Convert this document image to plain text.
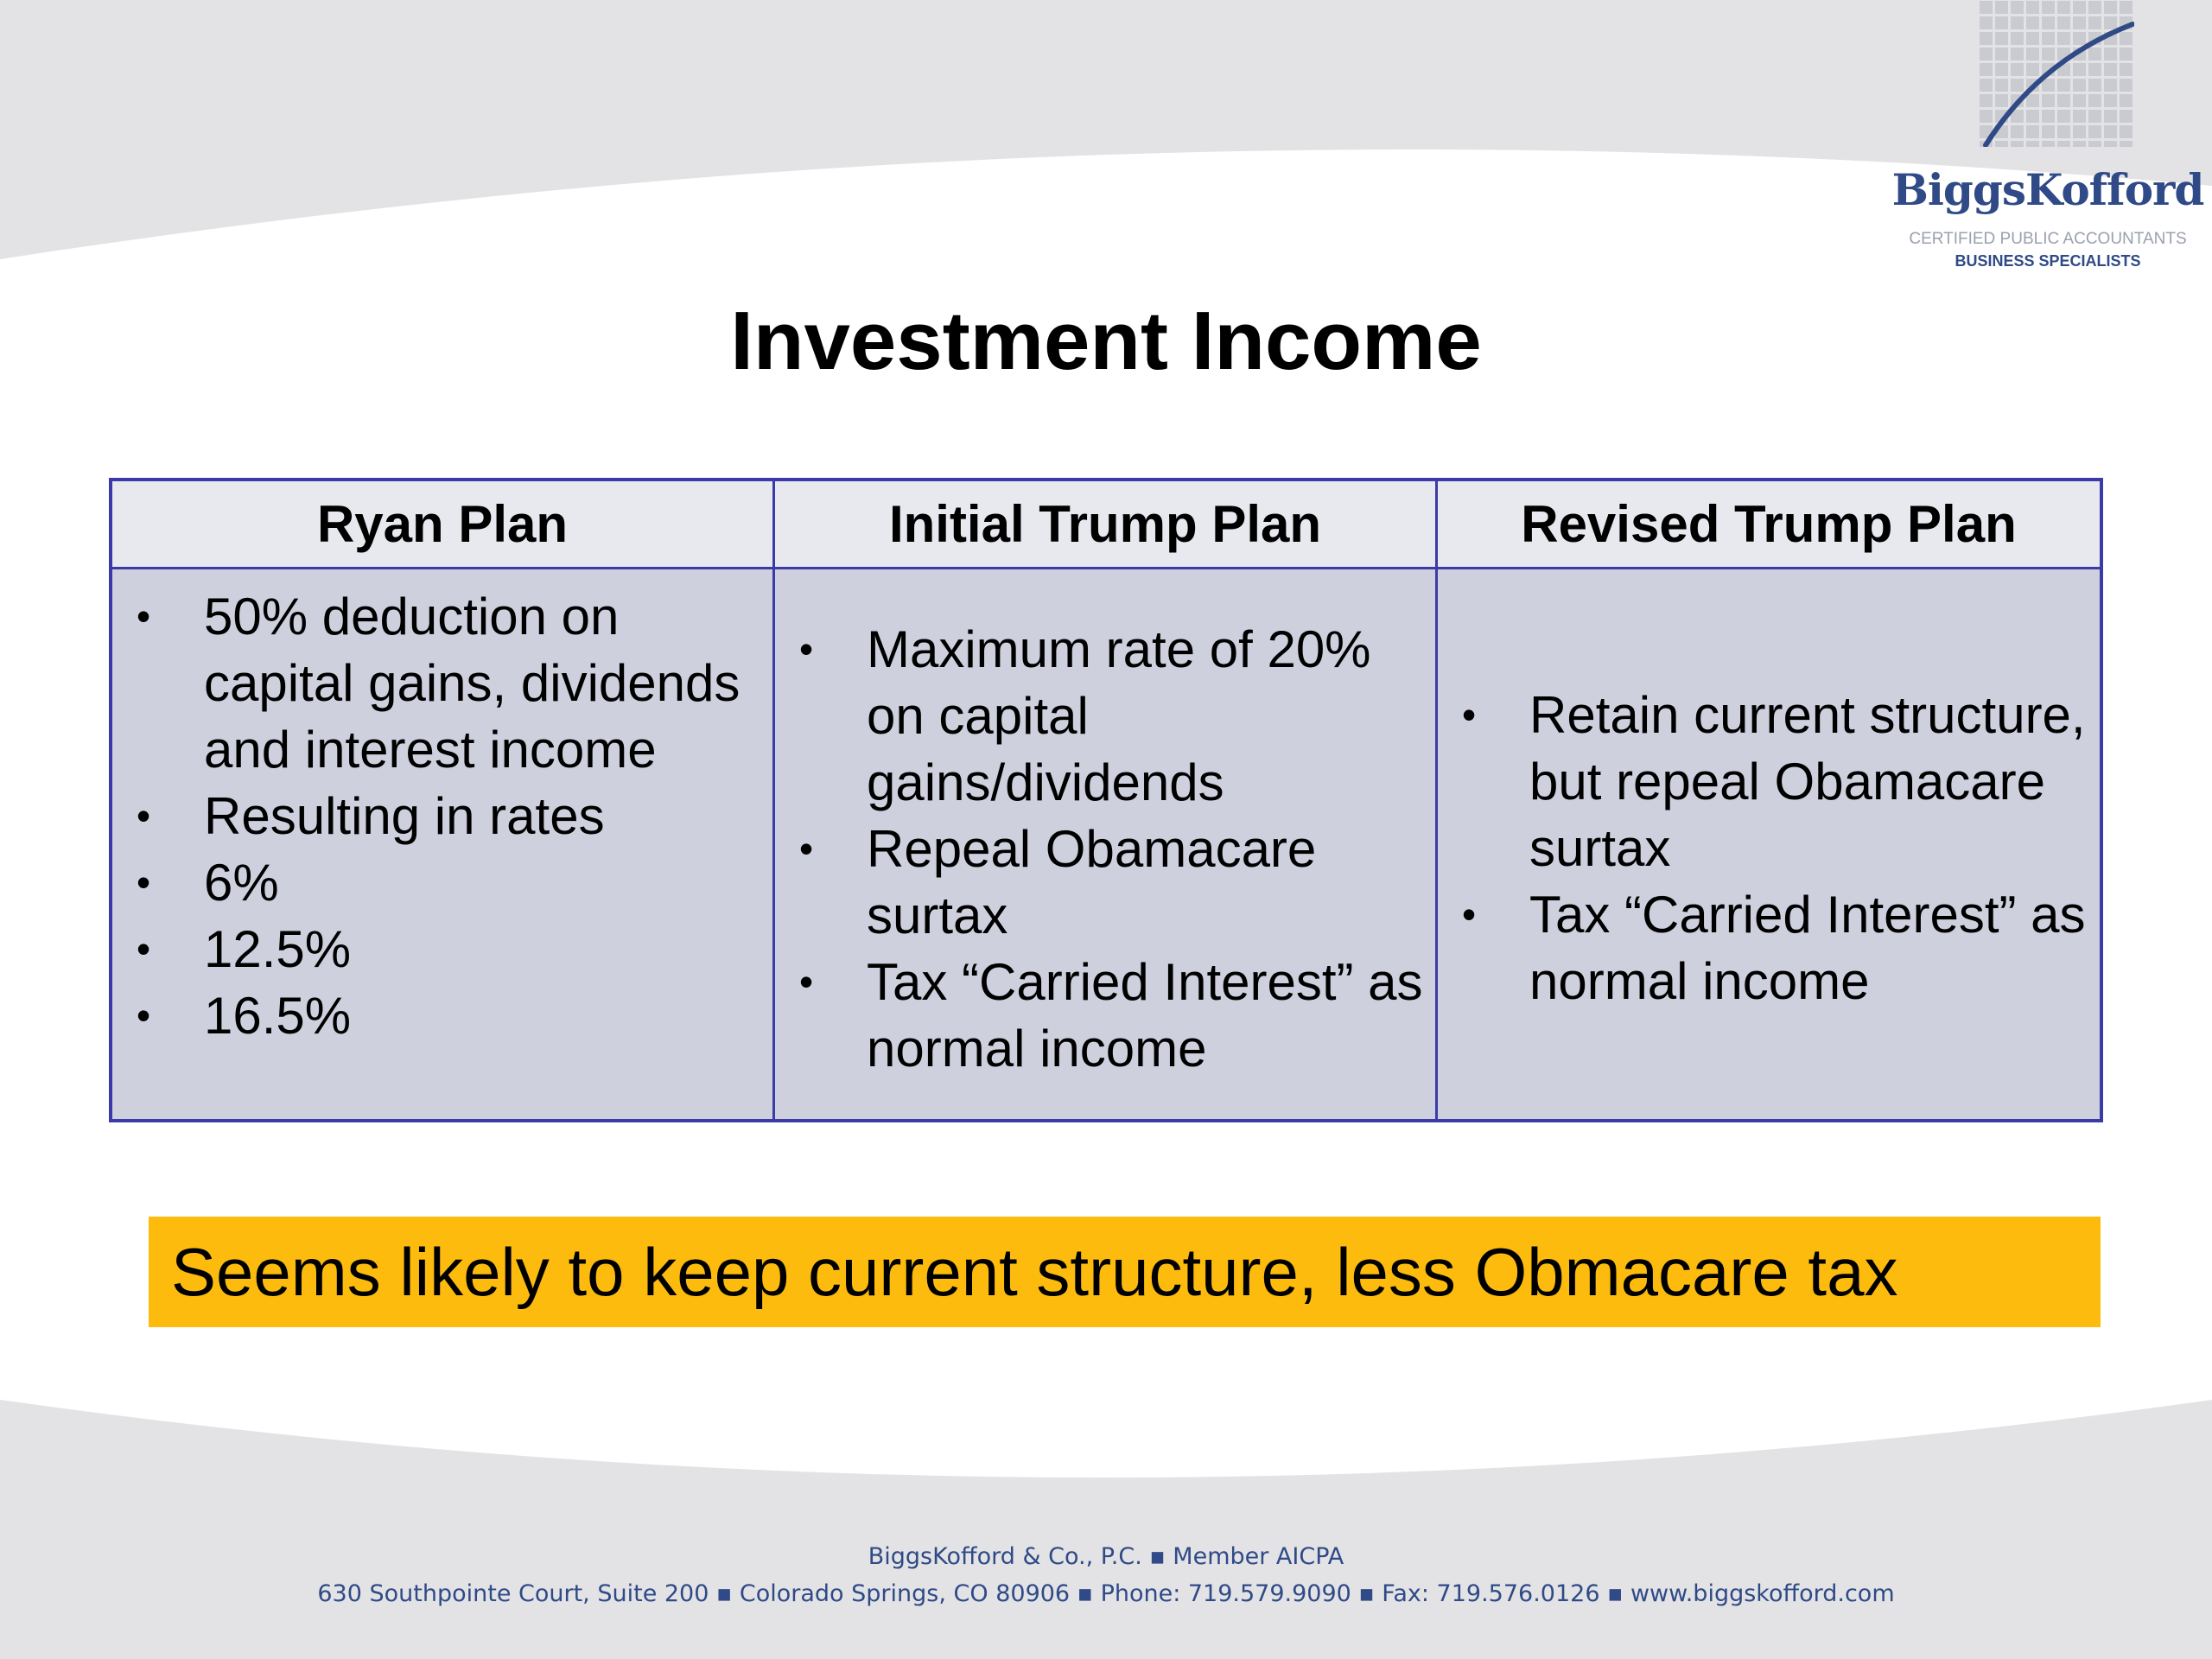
BiggsKofford
CERTIFIED PUBLIC ACCOUNTANTS
BUSINESS SPECIALISTS
Investment Income
Ryan Plan	Initial Trump Plan	Revised Trump Plan
• 50% deduction on capital gains, dividends and interest income
• Resulting in rates
• 6%
• 12.5%
• 16.5%
• Maximum rate of 20% on capital gains/dividends
• Repeal Obamacare surtax
• Tax “Carried Interest” as normal income
• Retain current structure, but repeal Obamacare surtax
• Tax “Carried Interest” as normal income
Seems likely to keep current structure, less Obmacare tax
BiggsKofford & Co., P.C. ▪ Member AICPA
630 Southpointe Court, Suite 200 ▪ Colorado Springs, CO 80906 ▪ Phone: 719.579.9090 ▪ Fax: 719.576.0126 ▪ www.biggskofford.com
